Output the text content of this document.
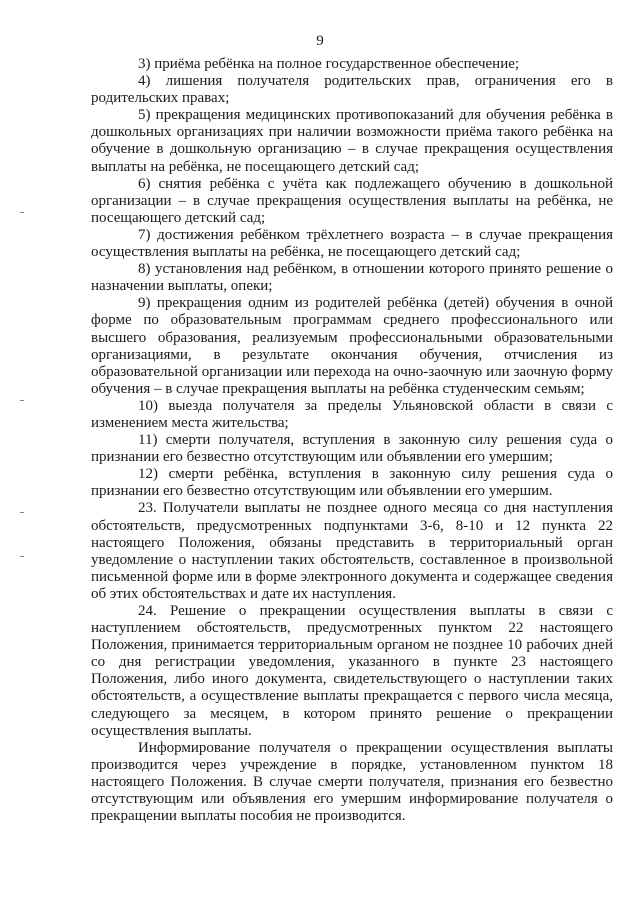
9

3) приёма ребёнка на полное государственное обеспечение;

4) лишения получателя родительских прав, ограничения его в родительских правах;

5) прекращения медицинских противопоказаний для обучения ребёнка в дошкольных организациях при наличии возможности приёма такого ребёнка на обучение в дошкольную организацию – в случае прекращения осуществления выплаты на ребёнка, не посещающего детский сад;

6) снятия ребёнка с учёта как подлежащего обучению в дошкольной организации – в случае прекращения осуществления выплаты на ребёнка, не посещающего детский сад;

7) достижения ребёнком трёхлетнего возраста – в случае прекращения осуществления выплаты на ребёнка, не посещающего детский сад;

8) установления над ребёнком, в отношении которого принято решение о назначении выплаты, опеки;

9) прекращения одним из родителей ребёнка (детей) обучения в очной форме по образовательным программам среднего профессионального или высшего образования, реализуемым профессиональными образовательными организациями, в результате окончания обучения, отчисления из образовательной организации или перехода на очно-заочную или заочную форму обучения – в случае прекращения выплаты на ребёнка студенческим семьям;

10) выезда получателя за пределы Ульяновской области в связи с изменением места жительства;

11) смерти получателя, вступления в законную силу решения суда о признании его безвестно отсутствующим или объявлении его умершим;

12) смерти ребёнка, вступления в законную силу решения суда о признании его безвестно отсутствующим или объявлении его умершим.

23. Получатели выплаты не позднее одного месяца со дня наступления обстоятельств, предусмотренных подпунктами 3-6, 8-10 и 12 пункта 22 настоящего Положения, обязаны представить в территориальный орган уведомление о наступлении таких обстоятельств, составленное в произвольной письменной форме или в форме электронного документа и содержащее сведения об этих обстоятельствах и дате их наступления.

24. Решение о прекращении осуществления выплаты в связи с наступлением обстоятельств, предусмотренных пунктом 22 настоящего Положения, принимается территориальным органом не позднее 10 рабочих дней со дня регистрации уведомления, указанного в пункте 23 настоящего Положения, либо иного документа, свидетельствующего о наступлении таких обстоятельств, а осуществление выплаты прекращается с первого числа месяца, следующего за месяцем, в котором принято решение о прекращении осуществления выплаты.

Информирование получателя о прекращении осуществления выплаты производится через учреждение в порядке, установленном пунктом 18 настоящего Положения. В случае смерти получателя, признания его безвестно отсутствующим или объявления его умершим информирование получателя о прекращении выплаты пособия не производится.
